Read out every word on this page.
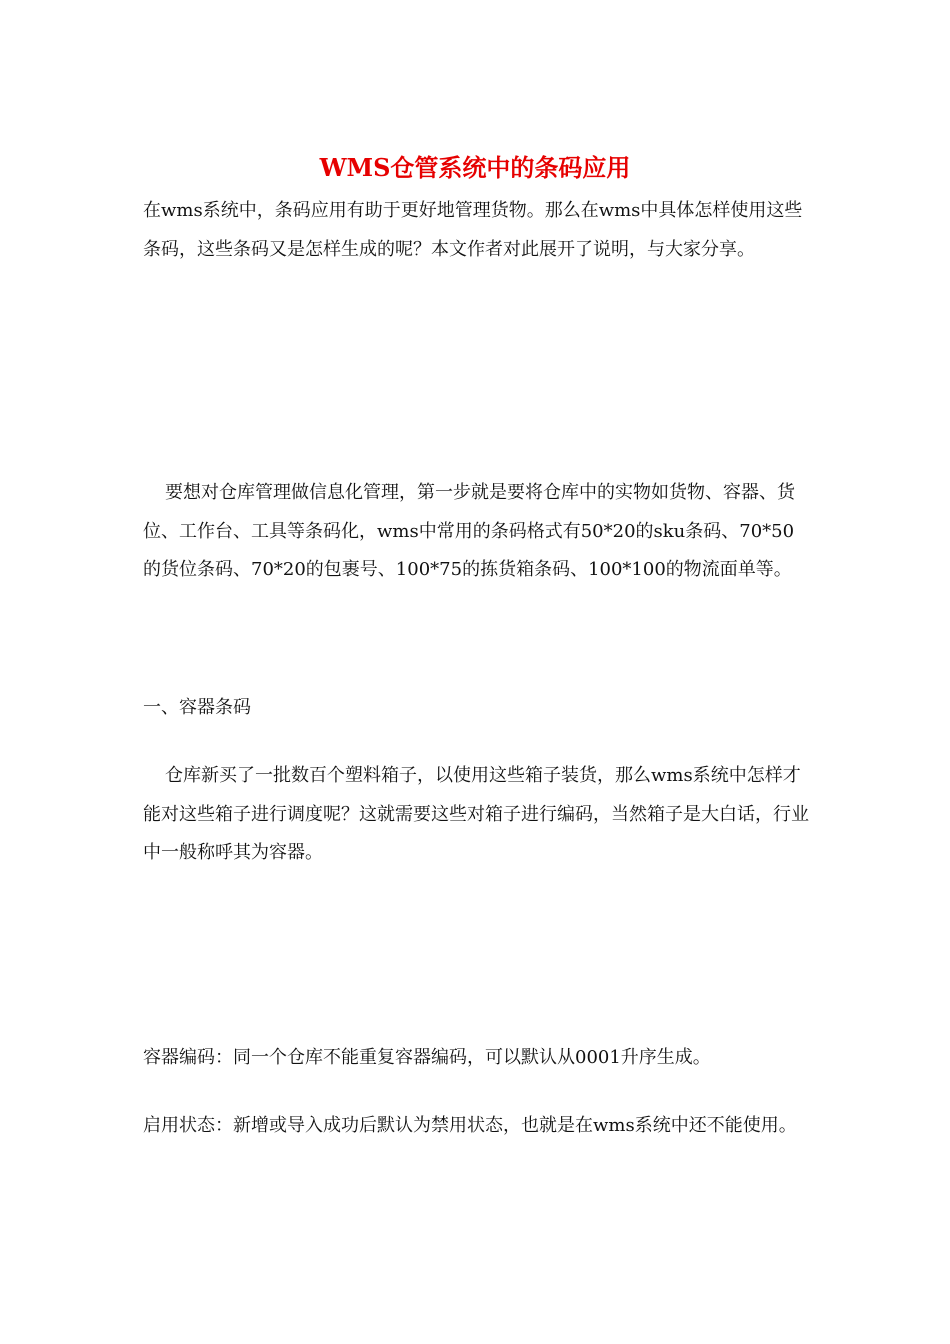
WMS仓管系统中的条码应用

在wms系统中，条码应用有助于更好地管理货物。那么在wms中具体怎样使用这些条码，这些条码又是怎样生成的呢？本文作者对此展开了说明，与大家分享。

要想对仓库管理做信息化管理，第一步就是要将仓库中的实物如货物、容器、货位、工作台、工具等条码化，wms中常用的条码格式有50*20的sku条码、70*50的货位条码、70*20的包裹号、100*75的拣货箱条码、100*100的物流面单等。

一、容器条码

仓库新买了一批数百个塑料箱子，以使用这些箱子装货，那么wms系统中怎样才能对这些箱子进行调度呢？这就需要这些对箱子进行编码，当然箱子是大白话，行业中一般称呼其为容器。

容器编码：同一个仓库不能重复容器编码，可以默认从0001升序生成。

启用状态：新增或导入成功后默认为禁用状态，也就是在wms系统中还不能使用。
